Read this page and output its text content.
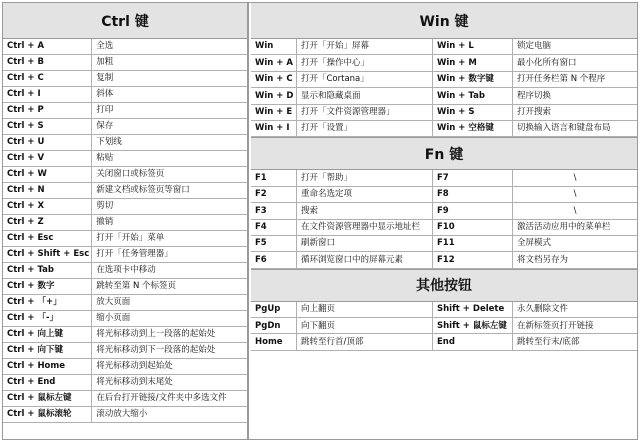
Ctrl 键
Ctrl + A	全选
Ctrl + B	加粗
Ctrl + C	复制
Ctrl + I	斜体
Ctrl + P	打印
Ctrl + S	保存
Ctrl + U	下划线
Ctrl + V	粘贴
Ctrl + W	关闭窗口或标签页
Ctrl + N	新建文档或标签页等窗口
Ctrl + X	剪切
Ctrl + Z	撤销
Ctrl + Esc	打开「开始」菜单
Ctrl + Shift + Esc 打开「任务管理器」
Ctrl + Tab	在选项卡中移动
Ctrl + 数字	跳转至第 N 个标签页
Ctrl + 「+」	放大页面
Ctrl + 「-」	缩小页面
Ctrl + 向上键	将光标移动到上一段落的起始处
Ctrl + 向下键	将光标移动到下一段落的起始处
Ctrl + Home	将光标移动到起始处
Ctrl + End	将光标移动到末尾处
Ctrl + 鼠标左键	在后台打开链接/文件夹中多选文件
Ctrl + 鼠标滚轮	滚动放大缩小
Win 键
Win	打开「开始」屏幕	Win + L	锁定电脑
Win + A 打开「操作中心」	Win + M	最小化所有窗口
Win + C 打开「Cortana」	Win + 数字键	打开任务栏第 N 个程序
Win + D 显示和隐藏桌面	Win + Tab	程序切换
Win + E	打开「文件资源管理器」	Win + S	打开搜索
Win + I	打开「设置」	Win + 空格键	切换输入语言和键盘布局
Fn 键
F1	打开「帮助」	F7	\
F2	重命名选定项	F8	\
F3	搜索	F9	\
F4	在文件资源管理器中显示地址栏	F10	激活活动应用中的菜单栏
F5	刷新窗口	F11	全屏模式
F6	循环浏览窗口中的屏幕元素	F12	将文档另存为
其他按钮
PgUp	向上翻页	Shift + Delete	永久删除文件
PgDn	向下翻页	Shift + 鼠标左键	在新标签页打开链接
Home	跳转至行首/顶部	End	跳转至行末/底部
